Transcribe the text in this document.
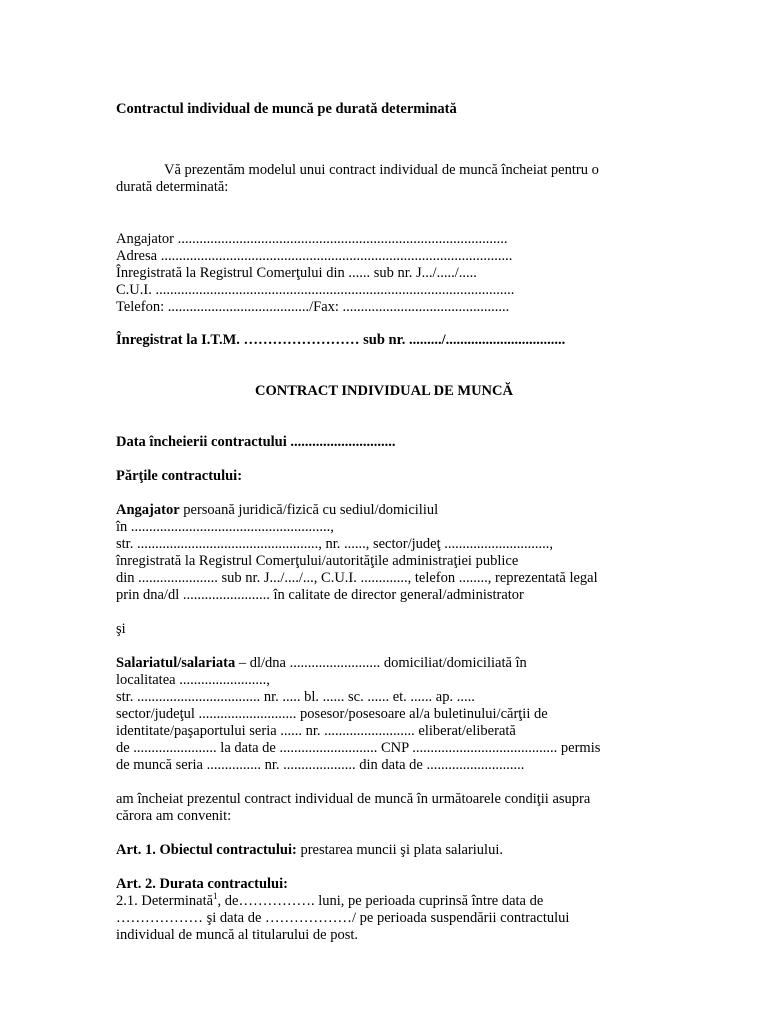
Contractul individual de muncă pe durată determinată
Vă prezentăm modelul unui contract individual de muncă încheiat pentru o
durată determinată:
Angajator ...........................................................................................
Adresa .................................................................................................
Înregistrată la Registrul Comerţului din ...... sub nr. J.../...../.....
C.U.I. ...................................................................................................
Telefon: ......................................./Fax: ..............................................
Înregistrat la I.T.M. …………………… sub nr. ........./.................................
CONTRACT INDIVIDUAL DE MUNCĂ
Data încheierii contractului .............................
Părţile contractului:
Angajator persoană juridică/fizică cu sediul/domiciliul
în .......................................................,
str. .................................................., nr. ......, sector/judeţ .............................,
înregistrată la Registrul Comerţului/autorităţile administraţiei publice
din ...................... sub nr. J.../..../..., C.U.I. ............., telefon ........, reprezentată legal
prin dna/dl ........................ în calitate de director general/administrator
şi
Salariatul/salariata – dl/dna ......................... domiciliat/domiciliată în
localitatea ........................,
str. .................................. nr. ..... bl. ...... sc. ...... et. ...... ap. .....
sector/judeţul ........................... posesor/posesoare al/a buletinului/cărţii de
identitate/paşaportului seria ...... nr. ......................... eliberat/eliberată
de ....................... la data de ........................... CNP ........................................ permis
de muncă seria ............... nr. .................... din data de ...........................
am încheiat prezentul contract individual de muncă în următoarele condiţii asupra
cărora am convenit:
Art. 1. Obiectul contractului: prestarea muncii şi plata salariului.
Art. 2. Durata contractului:
2.1. Determinată$^1$, de……………. luni, pe perioada cuprinsă între data de
……………… şi data de ………………/ pe perioada suspendării contractului
individual de muncă al titularului de post.
